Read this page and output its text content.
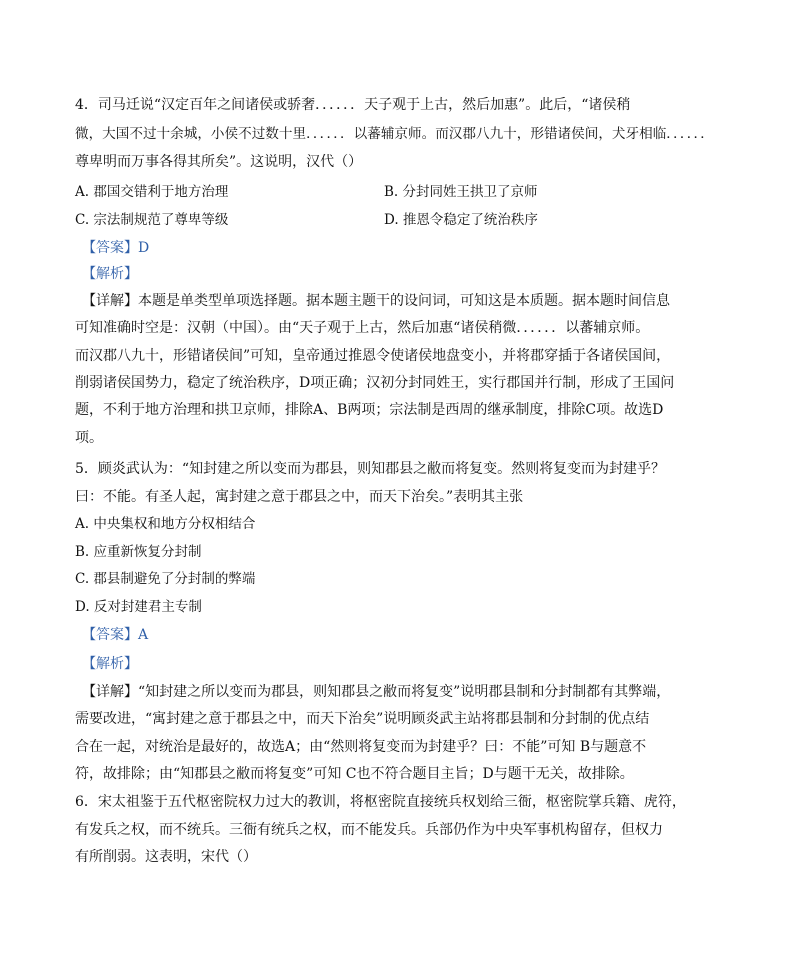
4．司马迁说“汉定百年之间诸侯或骄奢．．．．．．天子观于上古，然后加惠”。此后，“诸侯稍
微，大国不过十余城，小侯不过数十里．．．．．．以蕃辅京师。而汉郡八九十，形错诸侯间，犬牙相临．．．．．．
尊卑明而万事各得其所矣”。这说明，汉代（）
A. 郡国交错利于地方治理	B. 分封同姓王拱卫了京师
C. 宗法制规范了尊卑等级	D. 推恩令稳定了统治秩序
【答案】D
【解析】
【详解】本题是单类型单项选择题。据本题主题干的设问词，可知这是本质题。据本题时间信息
可知准确时空是：汉朝（中国）。由“天子观于上古，然后加惠“诸侯稍微．．．．．．以蕃辅京师。
而汉郡八九十，形错诸侯间”可知，皇帝通过推恩令使诸侯地盘变小，并将郡穿插于各诸侯国间，
削弱诸侯国势力，稳定了统治秩序，D项正确；汉初分封同姓王，实行郡国并行制，形成了王国问
题，不利于地方治理和拱卫京师，排除A、B两项；宗法制是西周的继承制度，排除C项。故选D
项。
5．顾炎武认为：“知封建之所以变而为郡县，则知郡县之敝而将复变。然则将复变而为封建乎？
曰：不能。有圣人起，寓封建之意于郡县之中，而天下治矣。”表明其主张
A. 中央集权和地方分权相结合
B. 应重新恢复分封制
C. 郡县制避免了分封制的弊端
D. 反对封建君主专制
【答案】A
【解析】
【详解】“知封建之所以变而为郡县，则知郡县之敝而将复变”说明郡县制和分封制都有其弊端，
需要改进，“寓封建之意于郡县之中，而天下治矣”说明顾炎武主站将郡县制和分封制的优点结
合在一起，对统治是最好的，故选A；由“然则将复变而为封建乎？曰：不能”可知 B与题意不
符，故排除；由“知郡县之敝而将复变”可知 C也不符合题目主旨；D与题干无关，故排除。
6．宋太祖鉴于五代枢密院权力过大的教训，将枢密院直接统兵权划给三衙，枢密院掌兵籍、虎符，
有发兵之权，而不统兵。三衙有统兵之权，而不能发兵。兵部仍作为中央军事机构留存，但权力
有所削弱。这表明，宋代（）
